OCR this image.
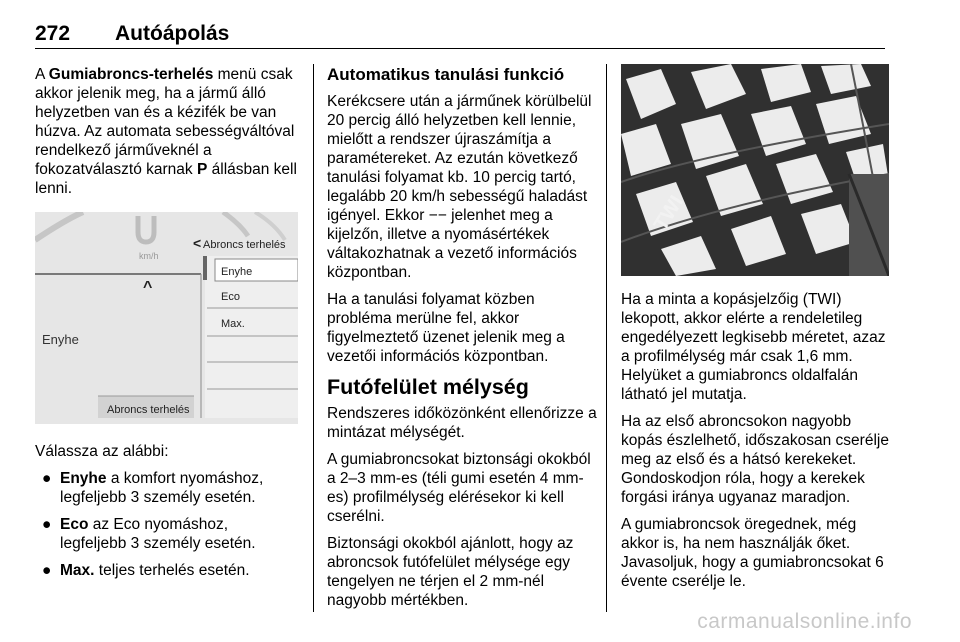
272 Autóápolás

A Gumiabroncs-terhelés menü csak akkor jelenik meg, ha a jármű álló helyzetben van és a kézifék be van húzva. Az automata sebességváltóval rendelkező járműveknél a fokozatválasztó karnak P állásban kell lenni.

km/h
< Abroncs terhelés
^
Enyhe
Enyhe
Eco
Max.
Abroncs terhelés

Válassza az alábbi:

● Enyhe a komfort nyomáshoz, legfeljebb 3 személy esetén.
● Eco az Eco nyomáshoz, legfeljebb 3 személy esetén.
● Max. teljes terhelés esetén.
Automatikus tanulási funkció

Kerékcsere után a járműnek körülbelül 20 percig álló helyzetben kell lennie, mielőtt a rendszer újraszámítja a paramétereket. Az ezután következő tanulási folyamat kb. 10 percig tartó, legalább 20 km/h sebességű haladást igényel. Ekkor −− jelenhet meg a kijelzőn, illetve a nyomásértékek váltakozhatnak a vezető információs központban.

Ha a tanulási folyamat közben probléma merülne fel, akkor figyelmeztető üzenet jelenik meg a vezetői információs központban.

Futófelület mélység

Rendszeres időközönként ellenőrizze a mintázat mélységét.

A gumiabroncsokat biztonsági okokból a 2–3 mm-es (téli gumi esetén 4 mm-es) profilmélység elérésekor ki kell cserélni.

Biztonsági okokból ajánlott, hogy az abroncsok futófelület mélysége egy tengelyen ne térjen el 2 mm-nél nagyobb mértékben.

TWI

Ha a minta a kopásjelzőig (TWI) lekopott, akkor elérte a rendeletileg engedélyezett legkisebb méretet, azaz a profilmélység már csak 1,6 mm. Helyüket a gumiabroncs oldalfalán látható jel mutatja.

Ha az első abroncsokon nagyobb kopás észlelhető, időszakosan cserélje meg az első és a hátsó kerekeket. Gondoskodjon róla, hogy a kerekek forgási iránya ugyanaz maradjon.

A gumiabroncsok öregednek, még akkor is, ha nem használják őket. Javasoljuk, hogy a gumiabroncsokat 6 évente cserélje le.

carmanualsonline.info
